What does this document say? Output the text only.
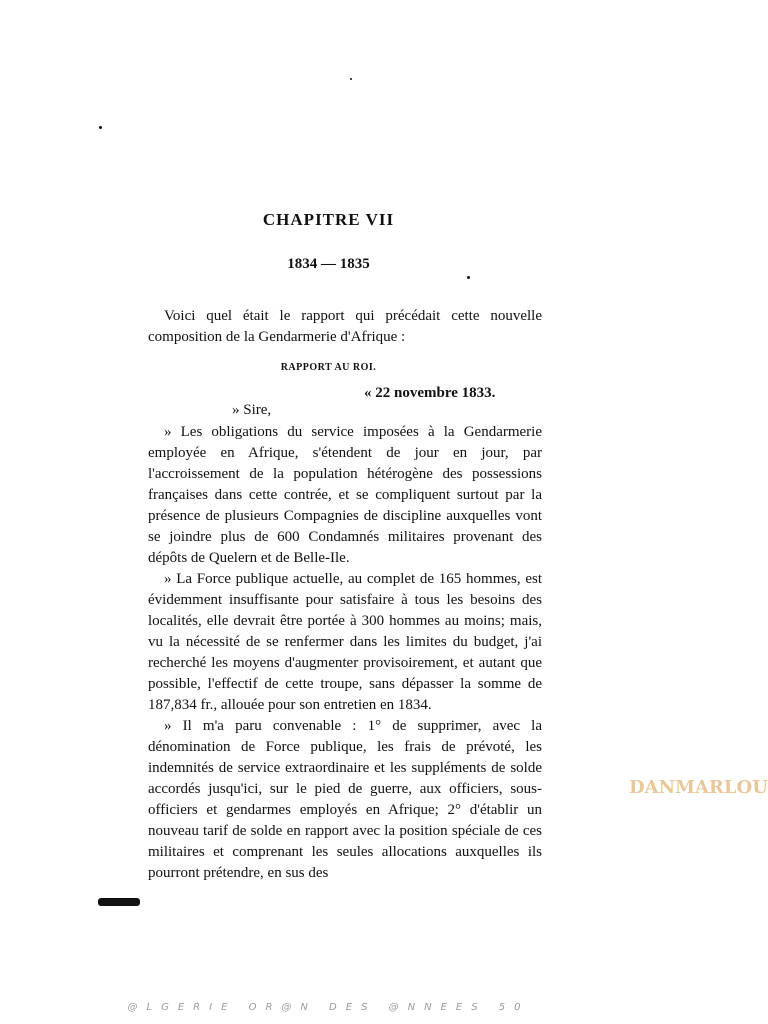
CHAPITRE VII
1834 — 1835

Voici quel était le rapport qui précédait cette nouvelle composition de la Gendarmerie d'Afrique :

RAPPORT AU ROI.
« 22 novembre 1833.
» Sire,

» Les obligations du service imposées à la Gendarmerie employée en Afrique, s'étendent de jour en jour, par l'accroissement de la population hétérogène des possessions françaises dans cette contrée, et se compliquent surtout par la présence de plusieurs Compagnies de discipline auxquelles vont se joindre plus de 600 Condamnés militaires provenant des dépôts de Quelern et de Belle-Ile.

» La Force publique actuelle, au complet de 165 hommes, est évidemment insuffisante pour satisfaire à tous les besoins des localités, elle devrait être portée à 300 hommes au moins; mais, vu la nécessité de se renfermer dans les limites du budget, j'ai recherché les moyens d'augmenter provisoirement, et autant que possible, l'effectif de cette troupe, sans dépasser la somme de 187,834 fr., allouée pour son entretien en 1834.

» Il m'a paru convenable : 1° de supprimer, avec la dénomination de Force publique, les frais de prévoté, les indemnités de service extraordinaire et les suppléments de solde accordés jusqu'ici, sur le pied de guerre, aux officiers, sous-officiers et gendarmes employés en Afrique; 2° d'établir un nouveau tarif de solde en rapport avec la position spéciale de ces militaires et comprenant les seules allocations auxquelles ils pourront prétendre, en sus des

DANMARLOU
@LGERIE OR@N DES @NNEES 50
